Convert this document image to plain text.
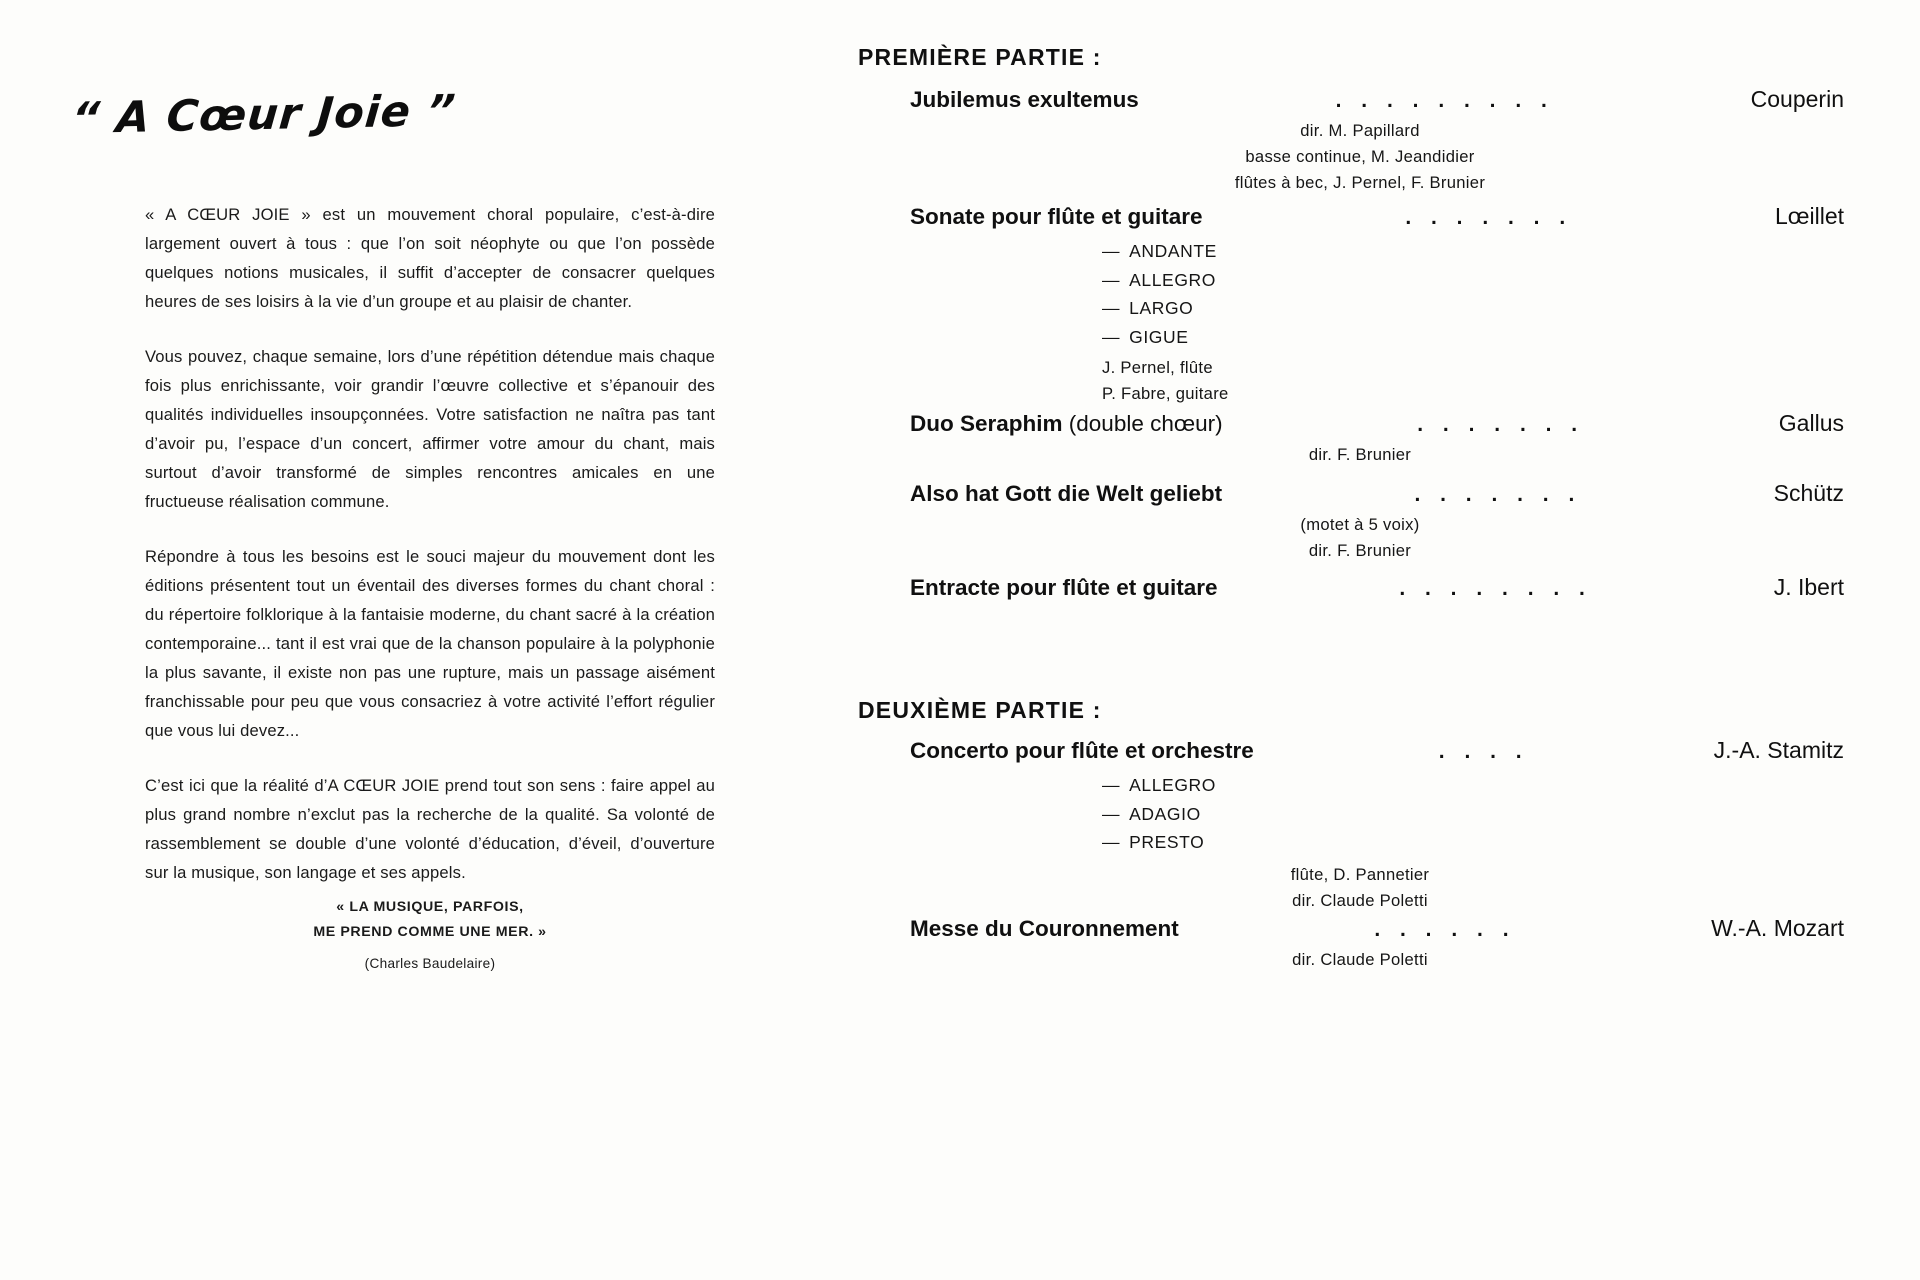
“ A Cœur Joie ”

« A CŒUR JOIE » est un mouvement choral populaire, c’est-à-dire largement ouvert à tous : que l’on soit néophyte ou que l’on possède quelques notions musicales, il suffit d’accepter de consacrer quelques heures de ses loisirs à la vie d’un groupe et au plaisir de chanter.

Vous pouvez, chaque semaine, lors d’une répétition détendue mais chaque fois plus enrichissante, voir grandir l’œuvre collective et s’épanouir des qualités individuelles insoupçonnées. Votre satisfaction ne naîtra pas tant d’avoir pu, l’espace d’un concert, affirmer votre amour du chant, mais surtout d’avoir transformé de simples rencontres amicales en une fructueuse réalisation commune.

Répondre à tous les besoins est le souci majeur du mouvement dont les éditions présentent tout un éventail des diverses formes du chant choral : du répertoire folklorique à la fantaisie moderne, du chant sacré à la création contemporaine... tant il est vrai que de la chanson populaire à la polyphonie la plus savante, il existe non pas une rupture, mais un passage aisément franchissable pour peu que vous consacriez à votre activité l’effort régulier que vous lui devez...

C’est ici que la réalité d’A CŒUR JOIE prend tout son sens : faire appel au plus grand nombre n’exclut pas la recherche de la qualité. Sa volonté de rassemblement se double d’une volonté d’éducation, d’éveil, d’ouverture sur la musique, son langage et ses appels.

« LA MUSIQUE, PARFOIS,
ME PREND COMME UNE MER. »
(Charles Baudelaire)
PREMIÈRE PARTIE :
DEUXIÈME PARTIE :
Jubilemus exultemus	. . . . . . . . .	Couperin
dir. M. Papillard
basse continue, M. Jeandidier
flûtes à bec, J. Pernel, F. Brunier
Sonate pour flûte et guitare	. . . . . . .	Lœillet
— ANDANTE
— ALLEGRO
— LARGO
— GIGUE
J. Pernel, flûte
P. Fabre, guitare
Duo Seraphim (double chœur)	. . . . . . .	Gallus
dir. F. Brunier
Also hat Gott die Welt geliebt	. . . . . . .	Schütz
(motet à 5 voix)
dir. F. Brunier
Entracte pour flûte et guitare	. . . . . . . .	J. Ibert
Concerto pour flûte et orchestre	. . . .	J.-A. Stamitz
— ALLEGRO
— ADAGIO
— PRESTO
flûte, D. Pannetier
dir. Claude Poletti
Messe du Couronnement	. . . . . .	W.-A. Mozart
dir. Claude Poletti
